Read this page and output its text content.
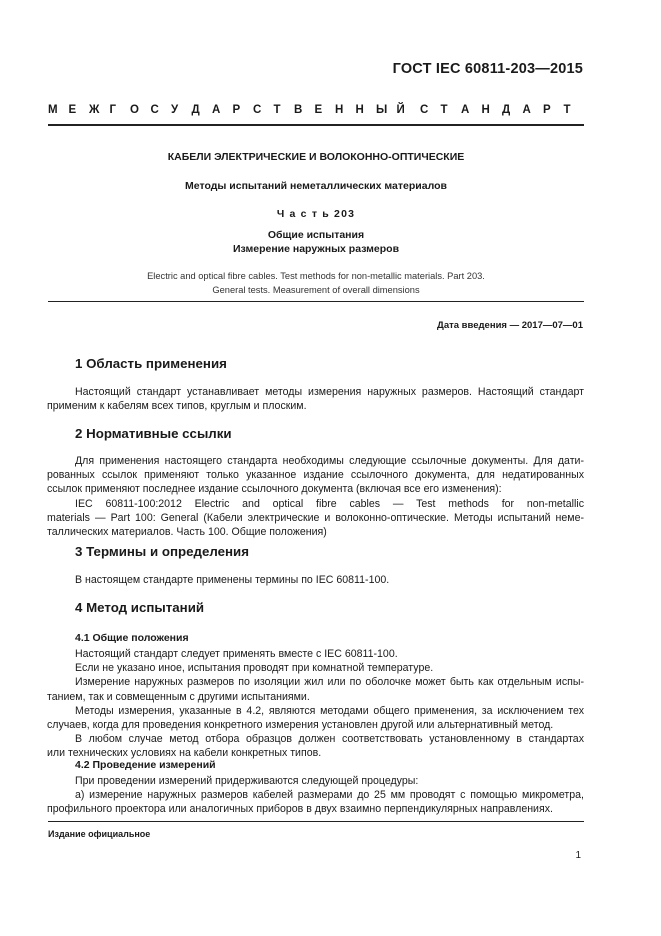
ГОСТ IEC 60811-203—2015
М Е	Ж Г	О	С	У	Д	А	Р	С	Т	В	Е	Н	Н	Ы Й	С	Т	А	Н	Д	А	Р	Т
КАБЕЛИ ЭЛЕКТРИЧЕСКИЕ И ВОЛОКОННО-ОПТИЧЕСКИЕ
Методы испытаний неметаллических материалов
Ч а с т ь 203
Общие испытания
Измерение наружных размеров
Electric and optical fibre cables. Test methods for non-metallic materials. Part 203.
General tests. Measurement of overall dimensions
Дата введения — 2017—07—01
1 Область применения

Настоящий стандарт устанавливает методы измерения наружных размеров. Настоящий стандарт

применим к кабелям всех типов, круглым и плоским.

2 Нормативные ссылки

Для применения настоящего стандарта необходимы следующие ссылочные документы. Для дати-

рованных ссылок применяют только указанное издание ссылочного документа, для недатированных

ссылок применяют последнее издание ссылочного документа (включая все его изменения):

IEC 60811-100:2012 Electric and optical fibre cables — Test methods for non-metallic

materials — Part 100: General (Кабели электрические и волоконно-оптические. Методы испытаний неме-

таллических материалов. Часть 100. Общие положения)

3 Термины и определения

В настоящем стандарте применены термины по IEC 60811-100.

4 Метод испытаний
4.1 Общие положения

Настоящий стандарт следует применять вместе с IEC 60811-100.

Если не указано иное, испытания проводят при комнатной температуре.

Измерение наружных размеров по изоляции жил или по оболочке может быть как отдельным испы-

танием, так и совмещенным с другими испытаниями.

Методы измерения, указанные в 4.2, являются методами общего применения, за исключением тех

случаев, когда для проведения конкретного измерения установлен другой или альтернативный метод.

В любом случае метод отбора образцов должен соответствовать установленному в стандартах

или технических условиях на кабели конкретных типов.

4.2 Проведение измерений

При проведении измерений придерживаются следующей процедуры:

а) измерение наружных размеров кабелей размерами до 25 мм проводят с помощью микрометра,

профильного проектора или аналогичных приборов в двух взаимно перпендикулярных направлениях.

Издание официальное
1
